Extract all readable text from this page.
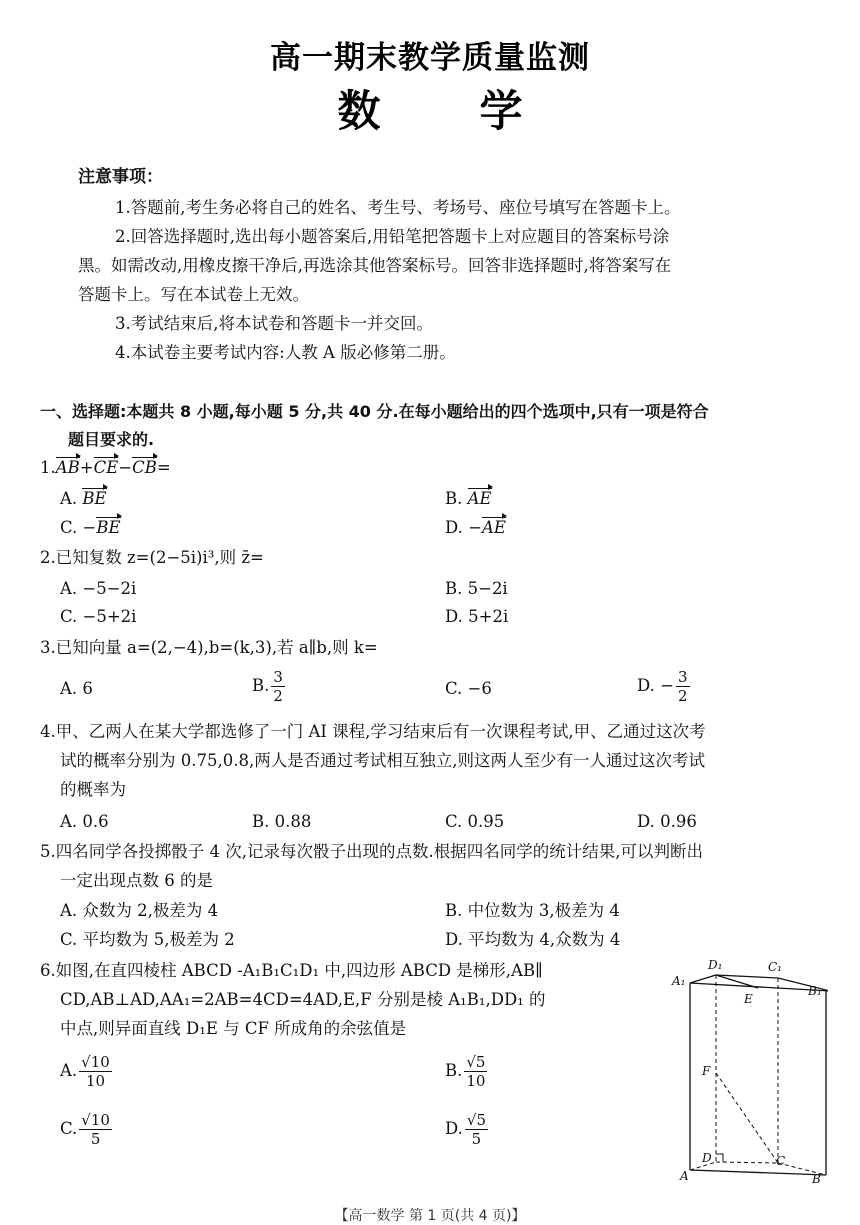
高一期末教学质量监测
数 学
注意事项：
1.答题前,考生务必将自己的姓名、考生号、考场号、座位号填写在答题卡上。
2.回答选择题时,选出每小题答案后,用铅笔把答题卡上对应题目的答案标号涂
黑。如需改动,用橡皮擦干净后,再选涂其他答案标号。回答非选择题时,将答案写在
答题卡上。写在本试卷上无效。
3.考试结束后,将本试卷和答题卡一并交回。
4.本试卷主要考试内容:人教 A 版必修第二册。
一、选择题:本题共 8 小题,每小题 5 分,共 40 分.在每小题给出的四个选项中,只有一项是符合
题目要求的.
1.AB+CE−CB=
A. BE	B. AE
C. −BE	D. −AE
2.已知复数 z=(2−5i)i³,则 z̄=
A. −5−2i	B. 5−2i
C. −5+2i	D. 5+2i
3.已知向量 a=(2,−4),b=(k,3),若 a∥b,则 k=
A. 6	B. $\frac{3}{2}$	C. −6	D. − $\frac{3}{2}$
4.甲、乙两人在某大学都选修了一门 AI 课程,学习结束后有一次课程考试,甲、乙通过这次考
试的概率分别为 0.75,0.8,两人是否通过考试相互独立,则这两人至少有一人通过这次考试
的概率为
A. 0.6	B. 0.88	C. 0.95	D. 0.96
5.四名同学各投掷骰子 4 次,记录每次骰子出现的点数.根据四名同学的统计结果,可以判断出
一定出现点数 6 的是
A. 众数为 2,极差为 4	B. 中位数为 3,极差为 4
C. 平均数为 5,极差为 2	D. 平均数为 4,众数为 4
6.如图,在直四棱柱 ABCD -A₁B₁C₁D₁ 中,四边形 ABCD 是梯形,AB∥
CD,AB⊥AD,AA₁=2AB=4CD=4AD,E,F 分别是棱 A₁B₁,DD₁ 的
中点,则异面直线 D₁E 与 CF 所成角的余弦值是
A. $\frac{√10}{10}$	B. $\frac{√5}{10}$
C. $\frac{√10}{5}$	D. $\frac{√5}{5}$
D₁	C₁
A₁
B₁
E
F
D	C
A	B
【高一数学 第 1 页(共 4 页)】
